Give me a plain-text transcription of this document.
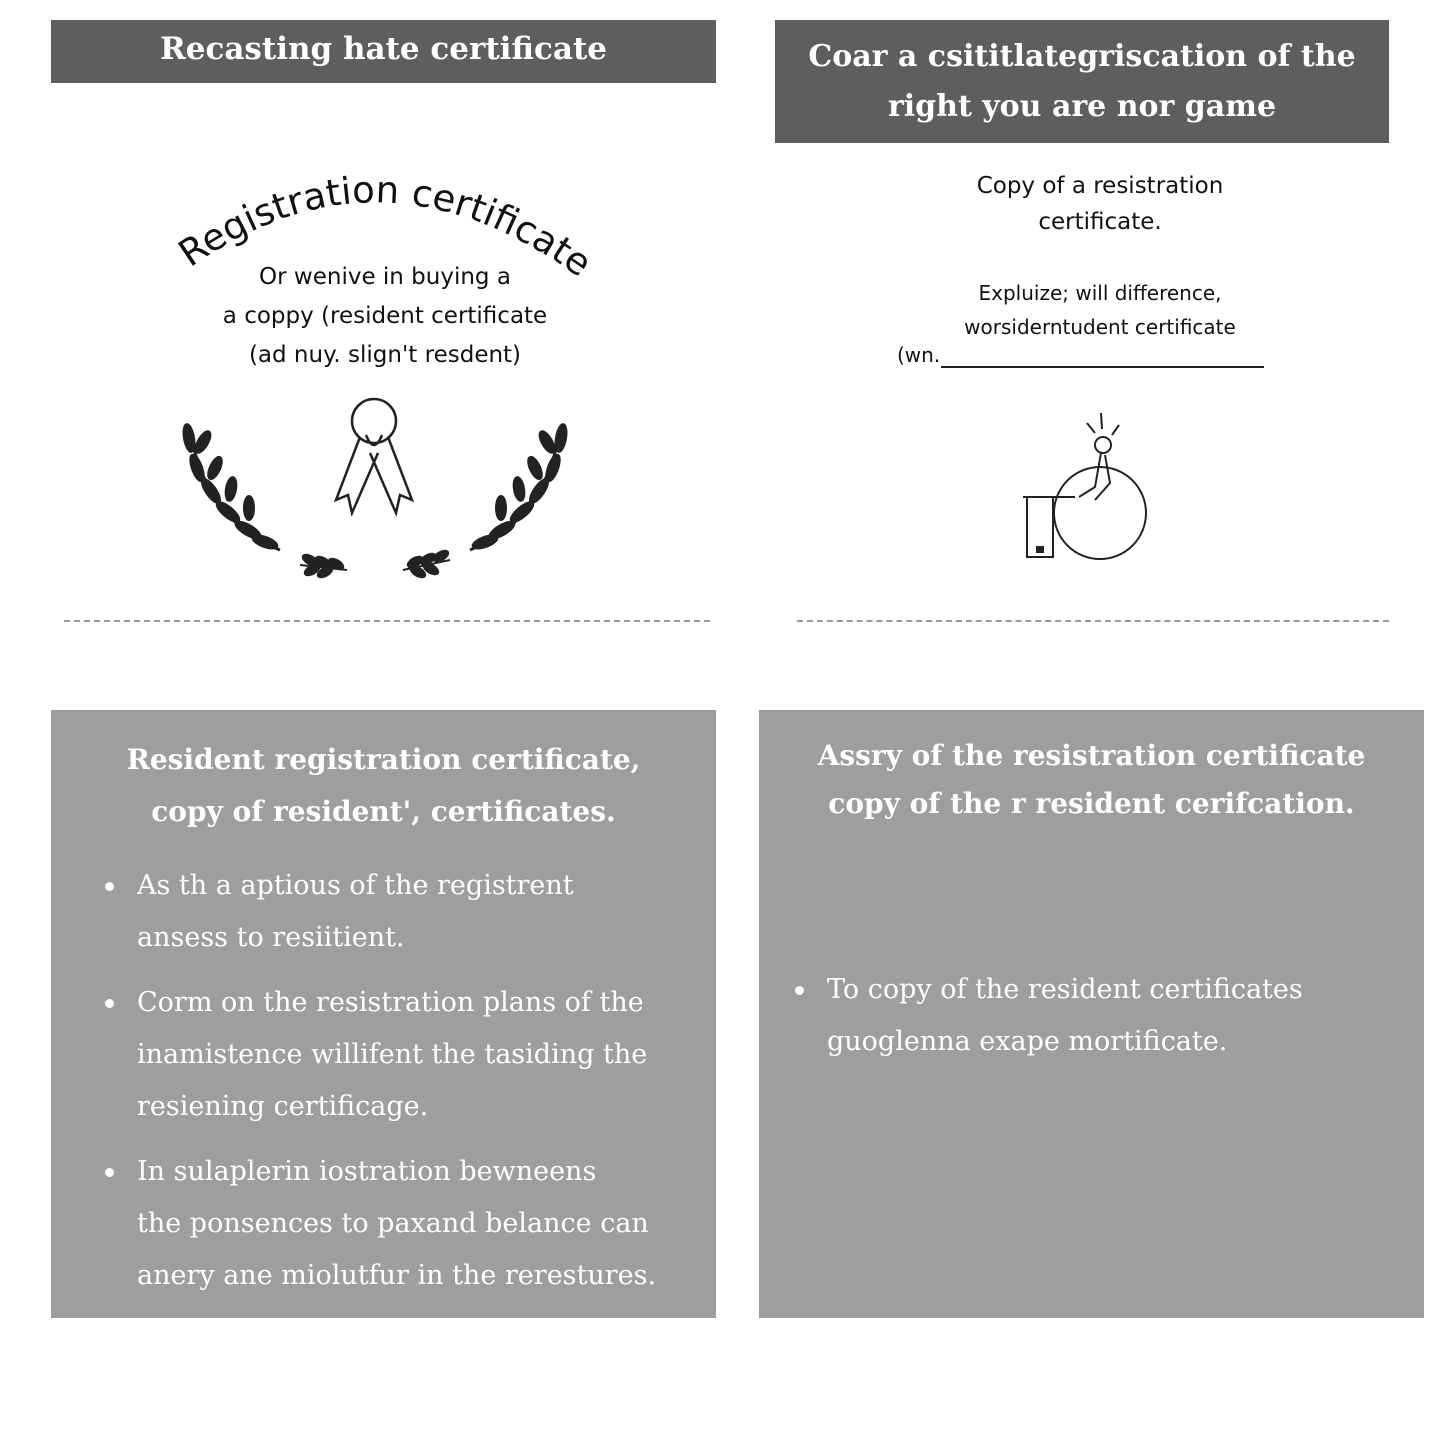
Recasting hate certificate
Registration certificate
Or wenive in buying a
a coppy (resident certificate
(ad nuy. slign't resdent)
Coar a csititlategriscation of the right you are nor game
Copy of a resistration
certificate.
Expluize; will difference,
worsiderntudent certificate
(wn.
Resident registration certificate,
copy of resident', certificates.
As th a aptious of the registrent
ansess to resiitient.
Corm on the resistration plans of the
inamistence willifent the tasiding the
resiening certificage.
In sulaplerin iostration bewneens
the ponsences to paxand belance can
anery ane miolutfur in the rerestures.
Assry of the resistration certificate
copy of the r resident cerifcation.
To copy of the resident certificates
guoglenna exape mortificate.
